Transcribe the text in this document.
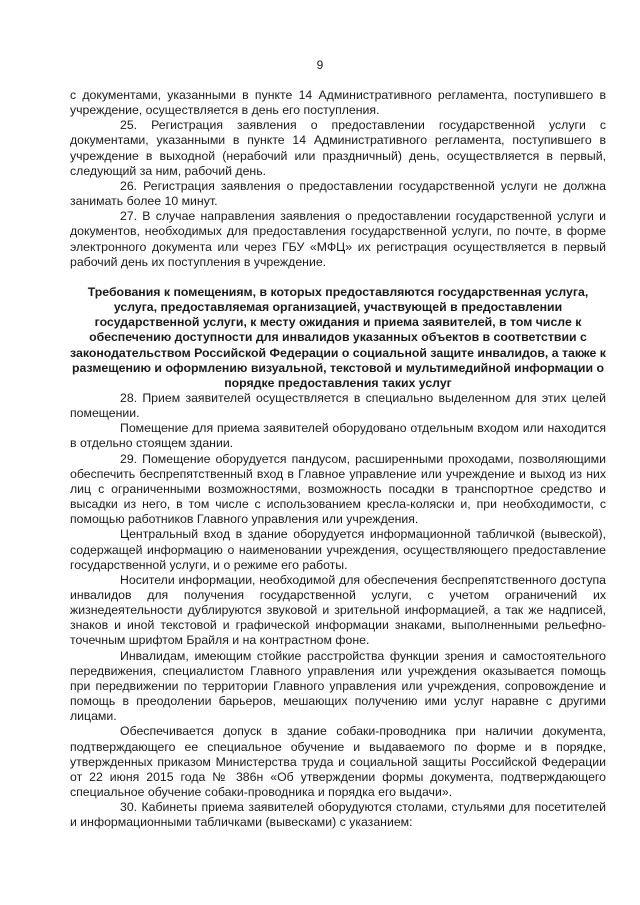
9

с документами, указанными в пункте 14 Административного регламента, поступившего в учреждение, осуществляется в день его поступления.

25. Регистрация заявления о предоставлении государственной услуги с документами, указанными в пункте 14 Административного регламента, поступившего в учреждение в выходной (нерабочий или праздничный) день, осуществляется в первый, следующий за ним, рабочий день.

26. Регистрация заявления о предоставлении государственной услуги не должна занимать более 10 минут.

27. В случае направления заявления о предоставлении государственной услуги и документов, необходимых для предоставления государственной услуги, по почте, в форме электронного документа или через ГБУ «МФЦ» их регистрация осуществляется в первый рабочий день их поступления в учреждение.

Требования к помещениям, в которых предоставляются государственная услуга, услуга, предоставляемая организацией, участвующей в предоставлении государственной услуги, к месту ожидания и приема заявителей, в том числе к обеспечению доступности для инвалидов указанных объектов в соответствии с законодательством Российской Федерации о социальной защите инвалидов, а также к размещению и оформлению визуальной, текстовой и мультимедийной информации о порядке предоставления таких услуг

28. Прием заявителей осуществляется в специально выделенном для этих целей помещении.

Помещение для приема заявителей оборудовано отдельным входом или находится в отдельно стоящем здании.

29. Помещение оборудуется пандусом, расширенными проходами, позволяющими обеспечить беспрепятственный вход в Главное управление или учреждение и выход из них лиц с ограниченными возможностями, возможность посадки в транспортное средство и высадки из него, в том числе с использованием кресла-коляски и, при необходимости, с помощью работников Главного управления или учреждения.

Центральный вход в здание оборудуется информационной табличкой (вывеской), содержащей информацию о наименовании учреждения, осуществляющего предоставление государственной услуги, и о режиме его работы.

Носители информации, необходимой для обеспечения беспрепятственного доступа инвалидов для получения государственной услуги, с учетом ограничений их жизнедеятельности дублируются звуковой и зрительной информацией, а так же надписей, знаков и иной текстовой и графической информации знаками, выполненными рельефно-точечным шрифтом Брайля и на контрастном фоне.

Инвалидам, имеющим стойкие расстройства функции зрения и самостоятельного передвижения, специалистом Главного управления или учреждения оказывается помощь при передвижении по территории Главного управления или учреждения, сопровождение и помощь в преодолении барьеров, мешающих получению ими услуг наравне с другими лицами.

Обеспечивается допуск в здание собаки-проводника при наличии документа, подтверждающего ее специальное обучение и выдаваемого по форме и в порядке, утвержденных приказом Министерства труда и социальной защиты Российской Федерации от 22 июня 2015 года № 386н «Об утверждении формы документа, подтверждающего специальное обучение собаки-проводника и порядка его выдачи».

30. Кабинеты приема заявителей оборудуются столами, стульями для посетителей и информационными табличками (вывесками) с указанием:
